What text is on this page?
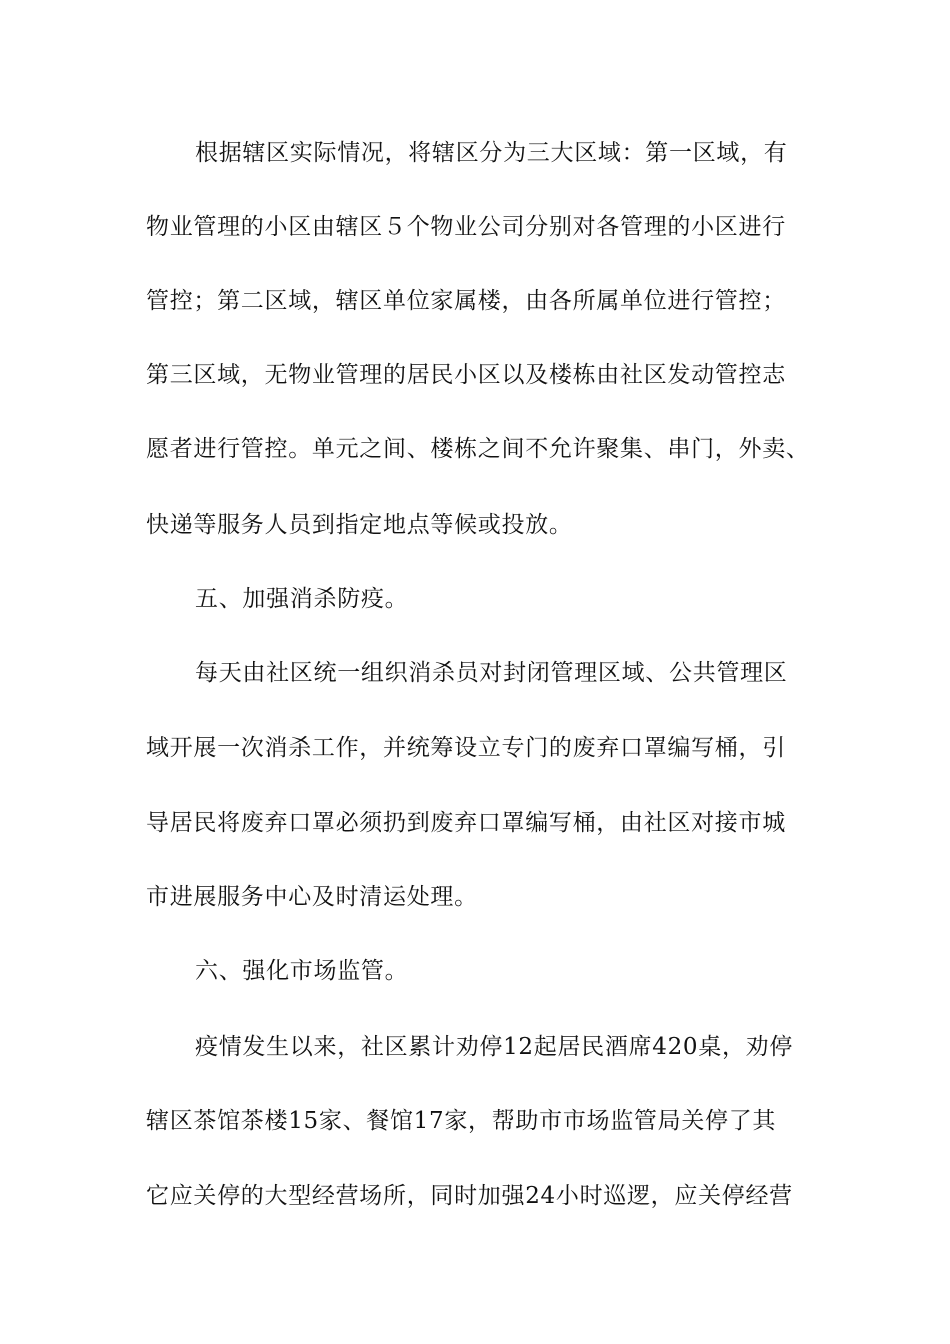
根据辖区实际情况，将辖区分为三大区域：第一区域，有
物业管理的小区由辖区５个物业公司分别对各管理的小区进行
管控；第二区域，辖区单位家属楼，由各所属单位进行管控；
第三区域，无物业管理的居民小区以及楼栋由社区发动管控志
愿者进行管控。单元之间、楼栋之间不允许聚集、串门，外卖、
快递等服务人员到指定地点等候或投放。
五、加强消杀防疫。
每天由社区统一组织消杀员对封闭管理区域、公共管理区
域开展一次消杀工作，并统筹设立专门的废弃口罩编写桶，引
导居民将废弃口罩必须扔到废弃口罩编写桶，由社区对接市城
市进展服务中心及时清运处理。
六、强化市场监管。
疫情发生以来，社区累计劝停12起居民酒席420桌，劝停
辖区茶馆茶楼15家、餐馆17家，帮助市市场监管局关停了其
它应关停的大型经营场所，同时加强24小时巡逻，应关停经营
